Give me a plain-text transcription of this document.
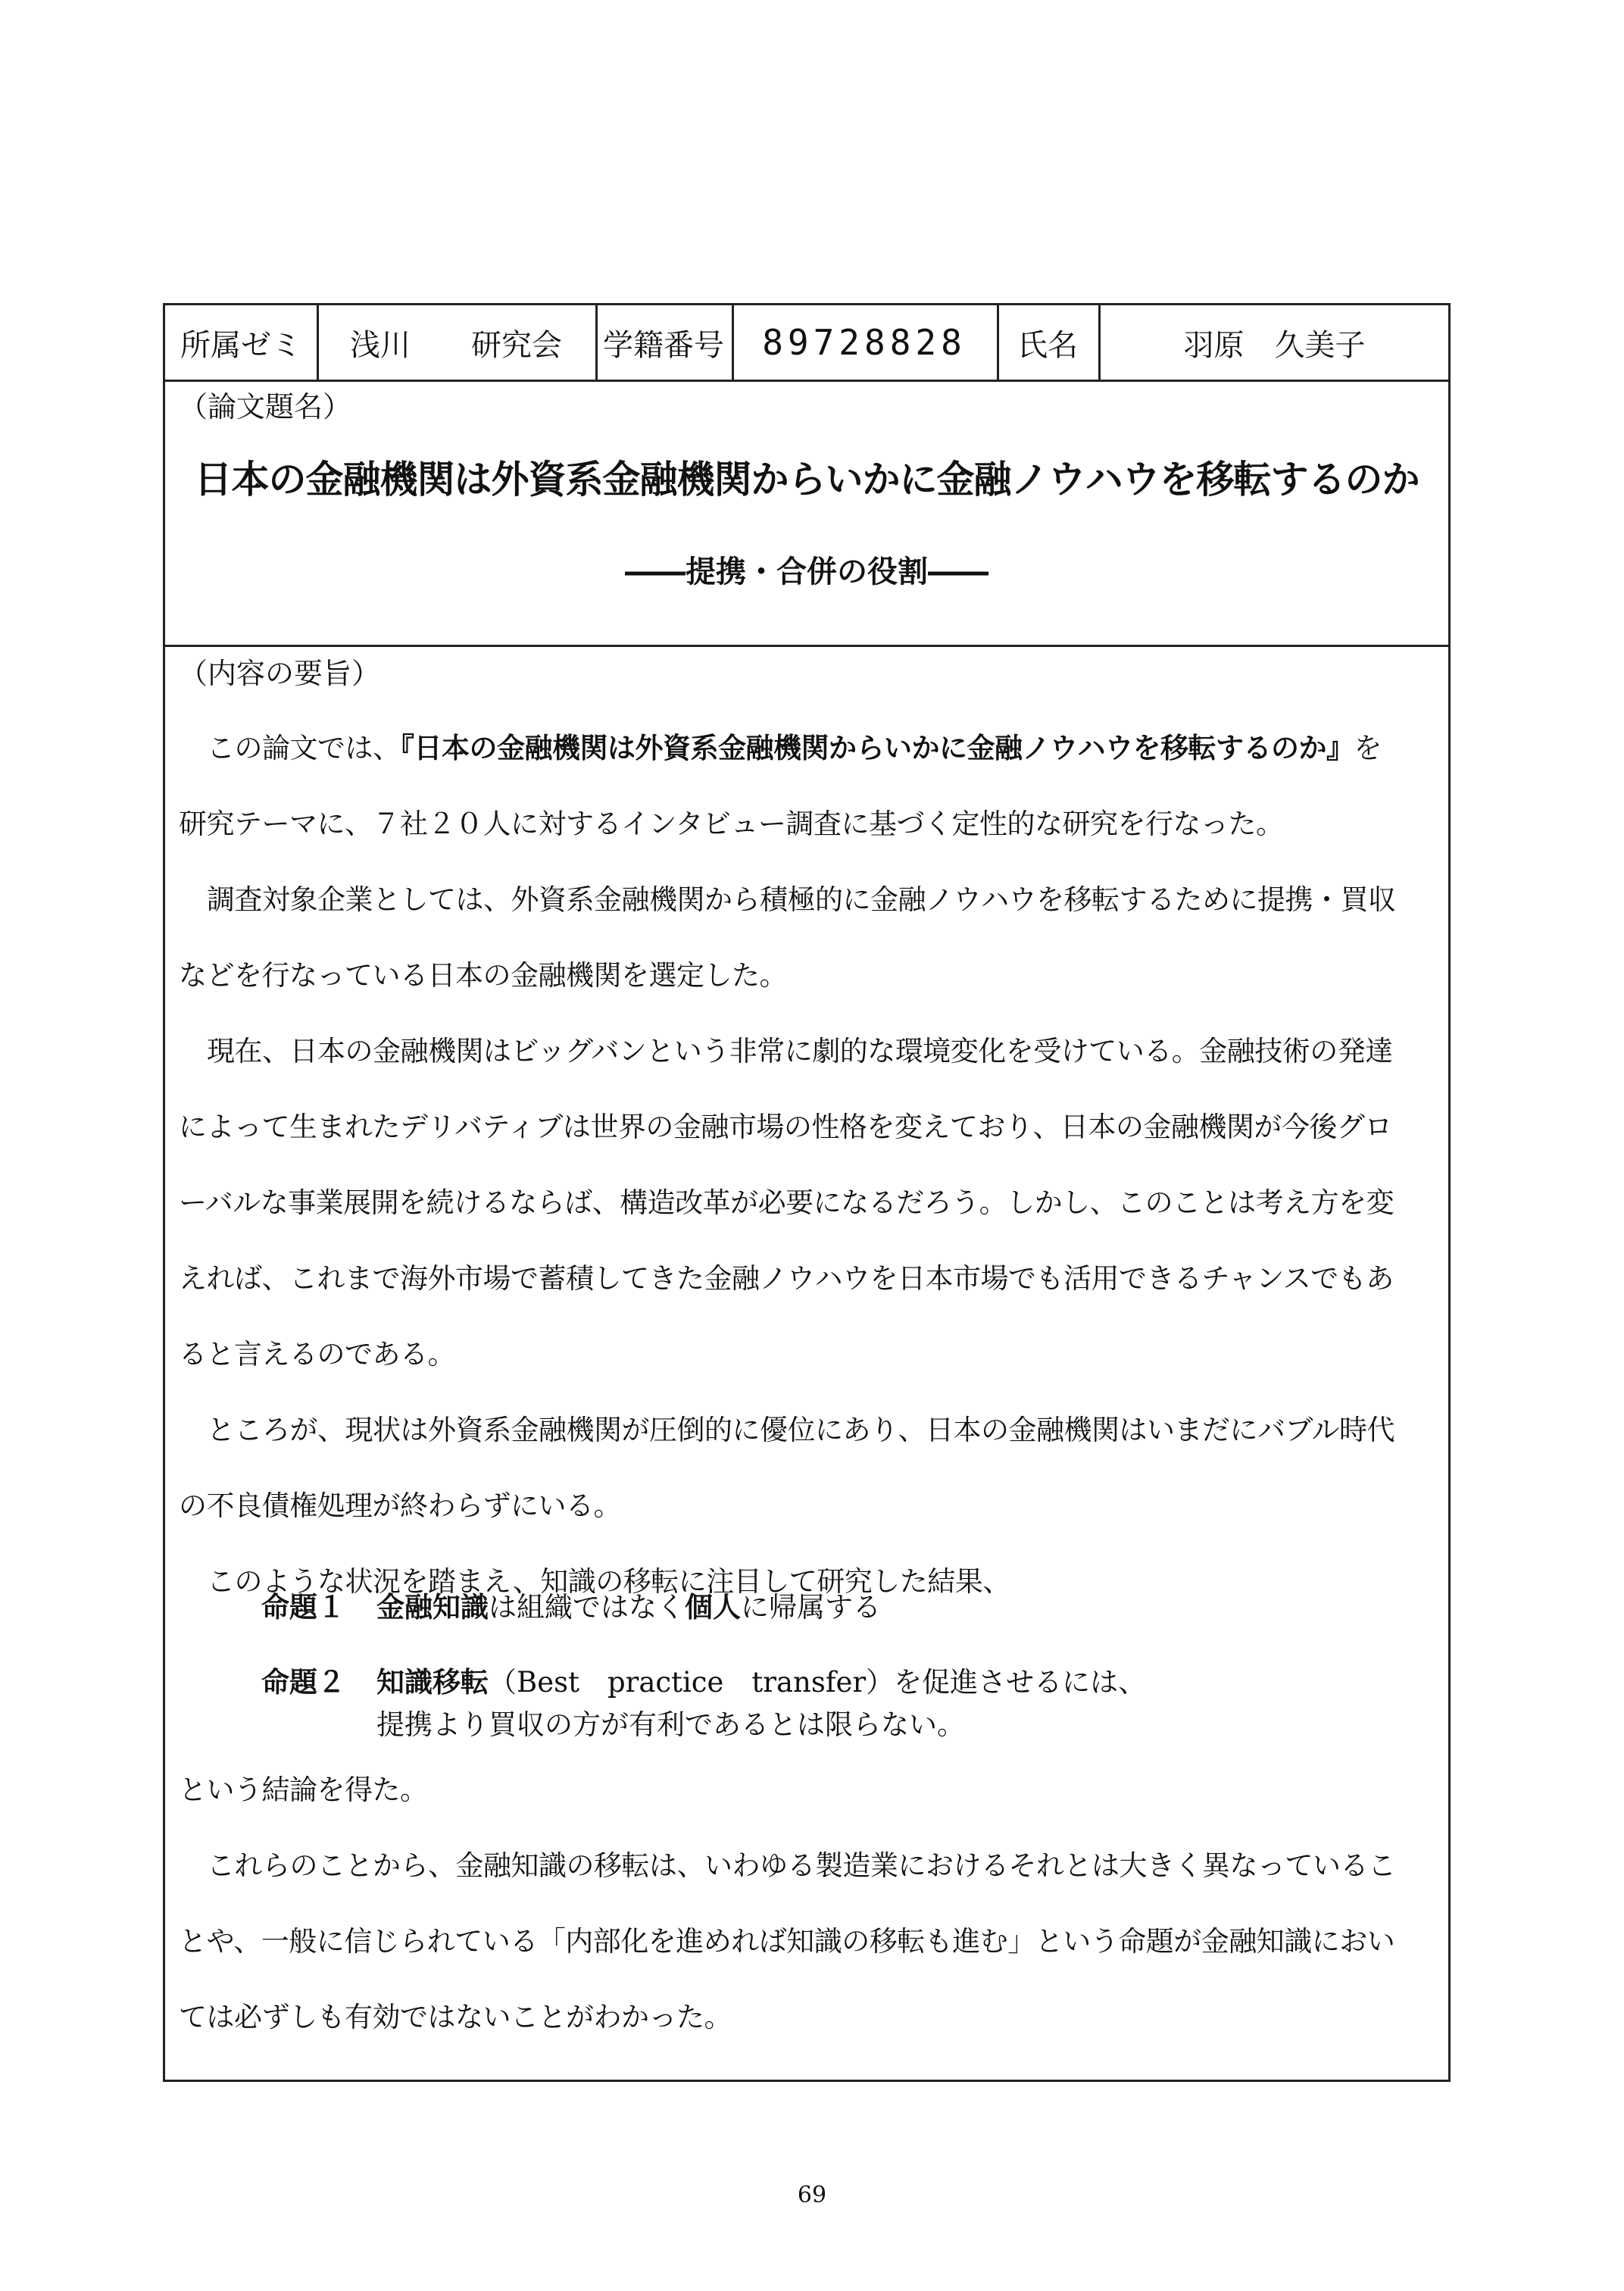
所属ゼミ	浅川　　研究会	学籍番号	89728828	氏名	羽原　久美子
（論文題名）
日本の金融機関は外資系金融機関からいかに金融ノウハウを移転するのか
――提携・合併の役割――
（内容の要旨）

この論文では、『日本の金融機関は外資系金融機関からいかに金融ノウハウを移転するのか』を
研究テーマに、７社２０人に対するインタビュー調査に基づく定性的な研究を行なった。

調査対象企業としては、外資系金融機関から積極的に金融ノウハウを移転するために提携・買収
などを行なっている日本の金融機関を選定した。

現在、日本の金融機関はビッグバンという非常に劇的な環境変化を受けている。金融技術の発達
によって生まれたデリバティブは世界の金融市場の性格を変えており、日本の金融機関が今後グロ
ーバルな事業展開を続けるならば、構造改革が必要になるだろう。しかし、このことは考え方を変
えれば、これまで海外市場で蓄積してきた金融ノウハウを日本市場でも活用できるチャンスでもあ
ると言えるのである。

ところが、現状は外資系金融機関が圧倒的に優位にあり、日本の金融機関はいまだにバブル時代
の不良債権処理が終わらずにいる。

このような状況を踏まえ、知識の移転に注目して研究した結果、

命題１ 金融知識は組織ではなく個人に帰属する
命題２ 知識移転（Best practice transfer）を促進させるには、
提携より買収の方が有利であるとは限らない。

という結論を得た。

これらのことから、金融知識の移転は、いわゆる製造業におけるそれとは大きく異なっているこ
とや、一般に信じられている「内部化を進めれば知識の移転も進む」という命題が金融知識におい
ては必ずしも有効ではないことがわかった。

69
